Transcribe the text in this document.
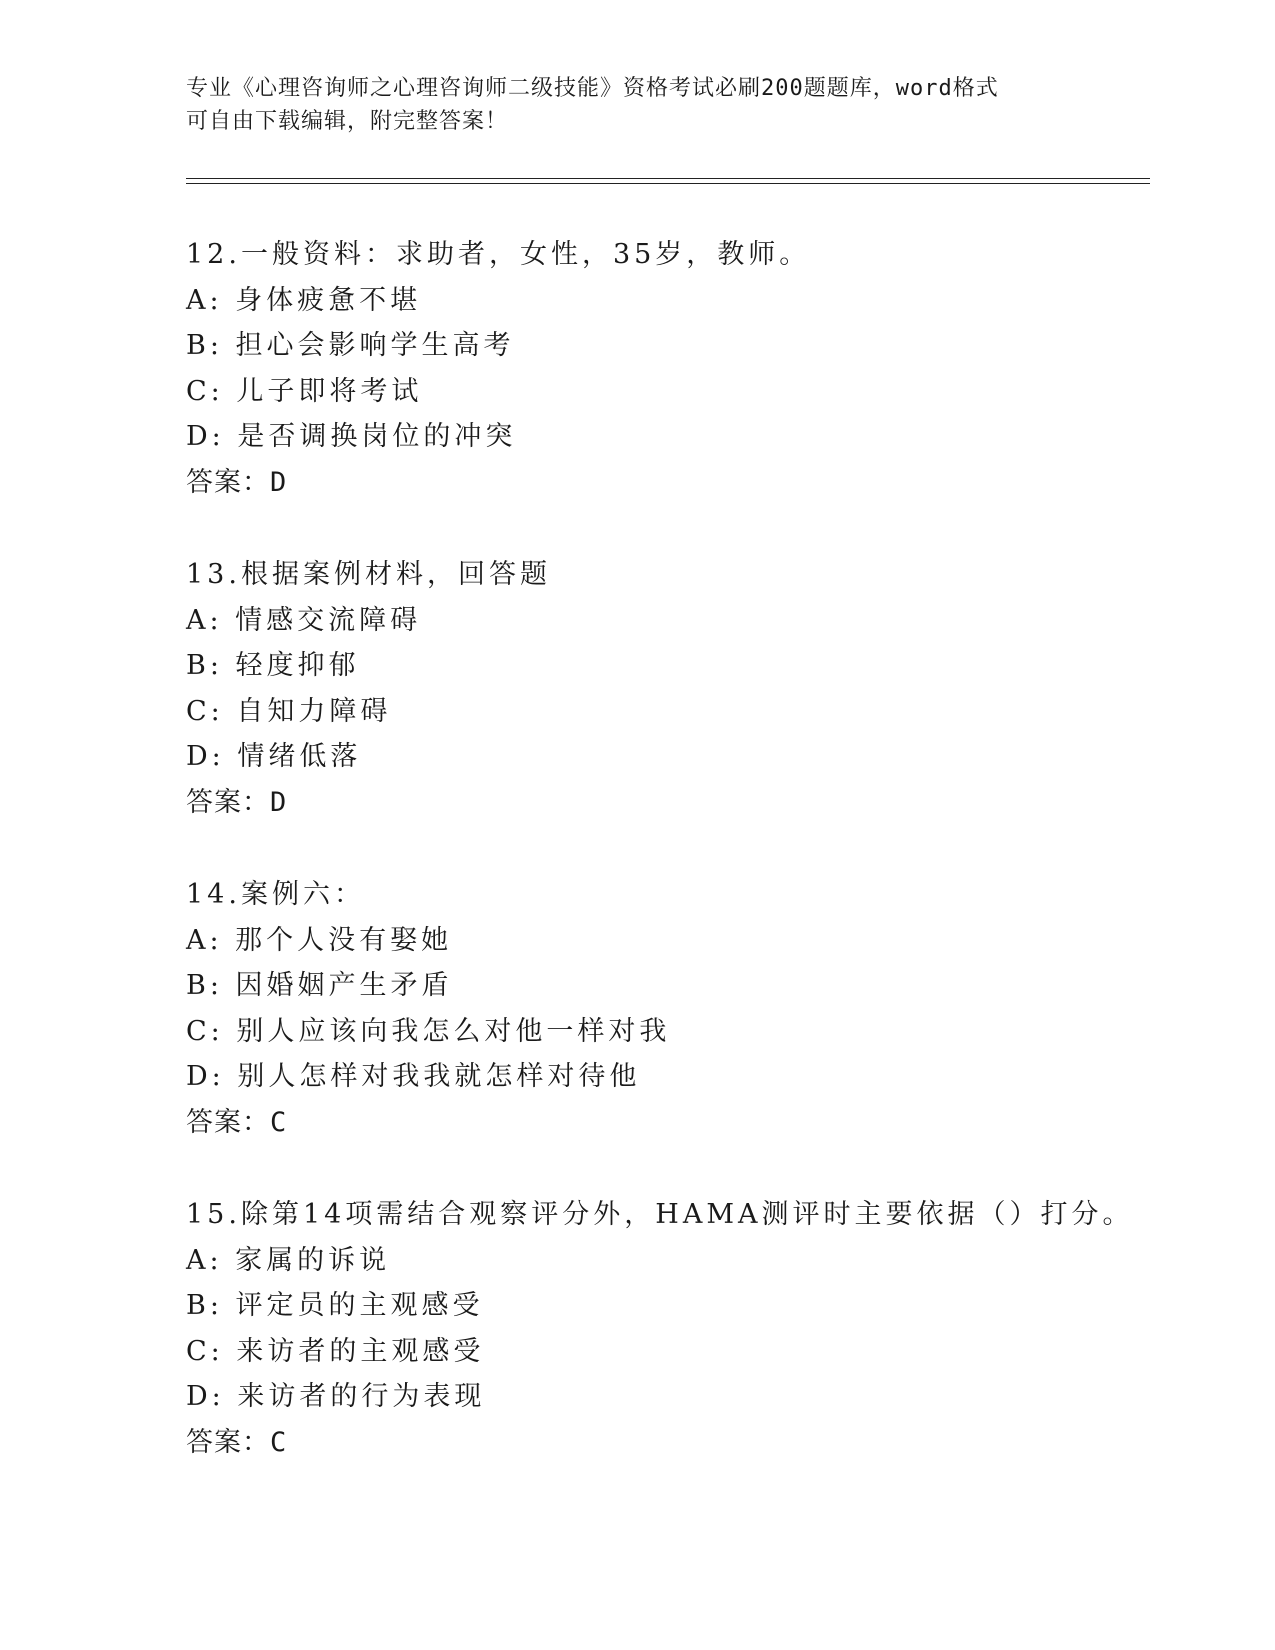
专业《心理咨询师之心理咨询师二级技能》资格考试必刷200题题库，word格式
可自由下载编辑，附完整答案！
12.一般资料：求助者，女性，35岁，教师。
A: 身体疲惫不堪
B: 担心会影响学生高考
C: 儿子即将考试
D: 是否调换岗位的冲突
答案：D
13.根据案例材料，回答题
A: 情感交流障碍
B: 轻度抑郁
C: 自知力障碍
D: 情绪低落
答案：D
14.案例六：
A: 那个人没有娶她
B: 因婚姻产生矛盾
C: 别人应该向我怎么对他一样对我
D: 别人怎样对我我就怎样对待他
答案：C
15.除第14项需结合观察评分外，HAMA测评时主要依据（）打分。
A: 家属的诉说
B: 评定员的主观感受
C: 来访者的主观感受
D: 来访者的行为表现
答案：C
